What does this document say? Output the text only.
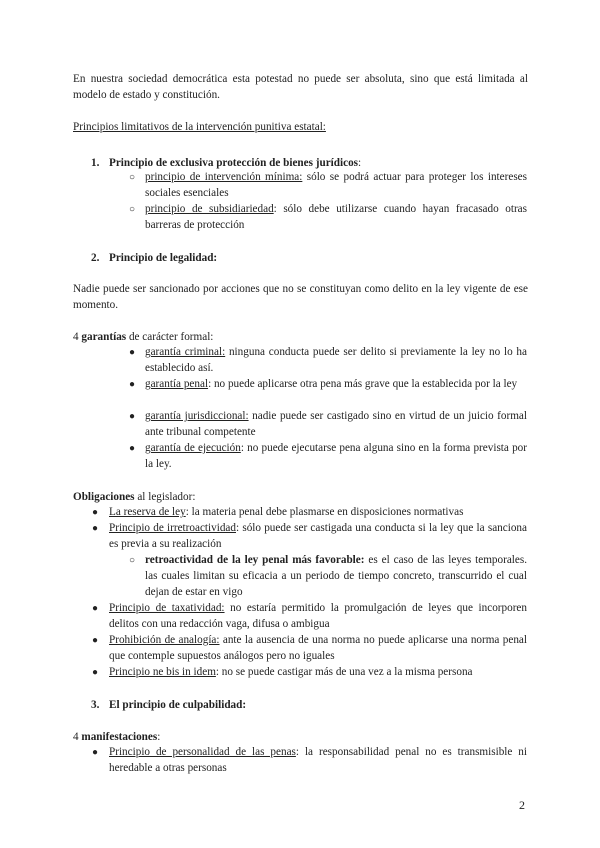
En nuestra sociedad democrática esta potestad no puede ser absoluta, sino que está limitada al modelo de estado y constitución.

Principios limitativos de la intervención punitiva estatal:

1. Principio de exclusiva protección de bienes jurídicos:

○ principio de intervención mínima: sólo se podrá actuar para proteger los intereses sociales esenciales

○ principio de subsidiariedad: sólo debe utilizarse cuando hayan fracasado otras barreras de protección

2. Principio de legalidad:

Nadie puede ser sancionado por acciones que no se constituyan como delito en la ley vigente de ese momento.

4 garantías de carácter formal:

● garantía criminal: ninguna conducta puede ser delito si previamente la ley no lo ha establecido así.

● garantía penal: no puede aplicarse otra pena más grave que la establecida por la ley

● garantía jurisdiccional: nadie puede ser castigado sino en virtud de un juicio formal ante tribunal competente

● garantía de ejecución: no puede ejecutarse pena alguna sino en la forma prevista por la ley.

Obligaciones al legislador:

● La reserva de ley: la materia penal debe plasmarse en disposiciones normativas

● Principio de irretroactividad: sólo puede ser castigada una conducta si la ley que la sanciona es previa a su realización

○ retroactividad de la ley penal más favorable: es el caso de las leyes temporales. las cuales limitan su eficacia a un periodo de tiempo concreto, transcurrido el cual dejan de estar en vigo

● Principio de taxatividad: no estaría permitido la promulgación de leyes que incorporen delitos con una redacción vaga, difusa o ambigua

● Prohibición de analogía: ante la ausencia de una norma no puede aplicarse una norma penal que contemple supuestos análogos pero no iguales

● Principio ne bis in idem: no se puede castigar más de una vez a la misma persona

3. El principio de culpabilidad:

4 manifestaciones:

● Principio de personalidad de las penas: la responsabilidad penal no es transmisible ni heredable a otras personas

2
